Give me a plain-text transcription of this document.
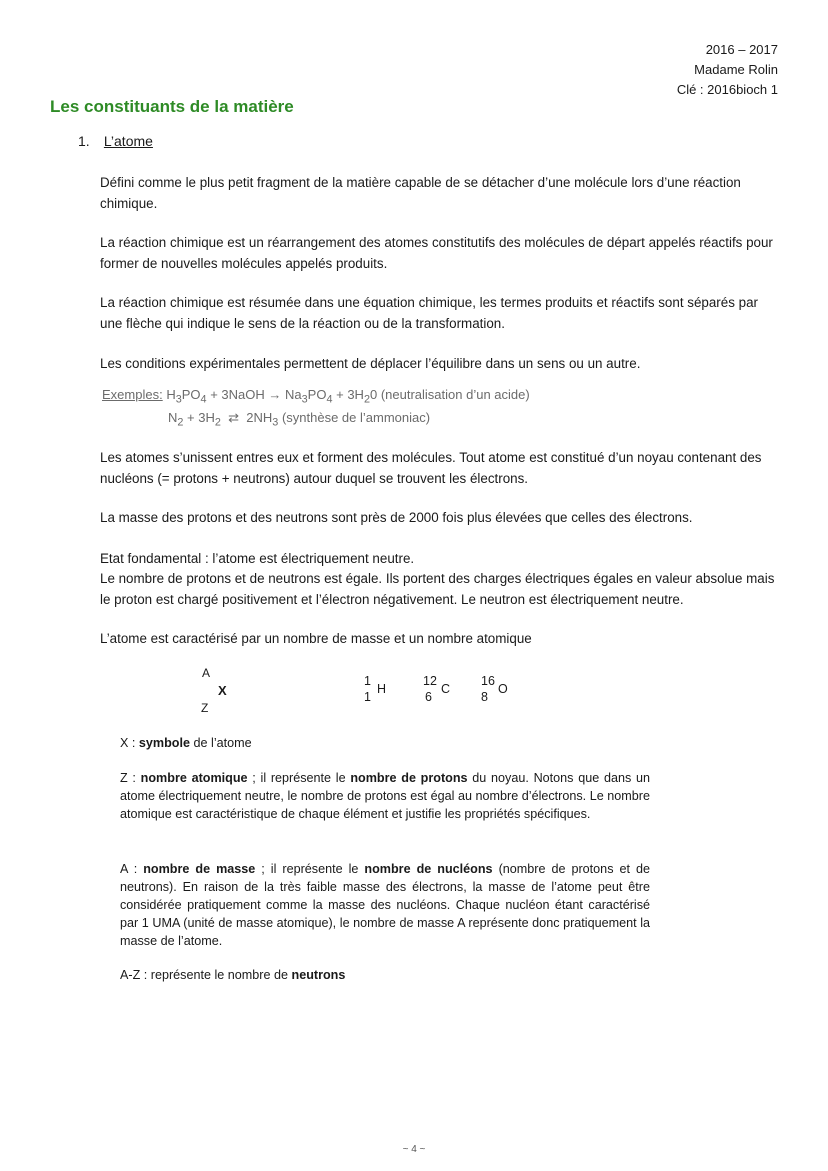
2016 – 2017
Madame Rolin
Clé : 2016bioch 1
Les constituants de la matière
1. L’atome

Défini comme le plus petit fragment de la matière capable de se détacher d’une molécule lors d’une réaction chimique.

La réaction chimique est un réarrangement des atomes constitutifs des molécules de départ appelés réactifs pour former de nouvelles molécules appelés produits.

La réaction chimique est résumée dans une équation chimique, les termes produits et réactifs sont séparés par une flèche qui indique le sens de la réaction ou de la transformation.

Les conditions expérimentales permettent de déplacer l’équilibre dans un sens ou un autre.

Exemples: $H_3PO_4$ + 3NaOH → $Na_3PO_4 + 3H_20$ (neutralisation d’un acide)
$N_2 + 3H_2$ ⇄ $2NH_3$ (synthèse de l’ammoniac)

Les atomes s’unissent entres eux et forment des molécules. Tout atome est constitué d’un noyau contenant des nucléons (= protons + neutrons) autour duquel se trouvent les électrons.

La masse des protons et des neutrons sont près de 2000 fois plus élevées que celles des électrons.

Etat fondamental : l’atome est électriquement neutre.

Le nombre de protons et de neutrons est égale. Ils portent des charges électriques égales en valeur absolue mais le proton est chargé positivement et l’électron négativement. Le neutron est électriquement neutre.

L’atome est caractérisé par un nombre de masse et un nombre atomique

A
X
Z
1
1
H
12
6
C
16
8
O

X : symbole de l’atome

Z : nombre atomique ; il représente le nombre de protons du noyau. Notons que dans un atome électriquement neutre, le nombre de protons est égal au nombre d’électrons. Le nombre atomique est caractéristique de chaque élément et justifie les propriétés spécifiques.

A : nombre de masse ; il représente le nombre de nucléons (nombre de protons et de neutrons). En raison de la très faible masse des électrons, la masse de l’atome peut être considérée pratiquement comme la masse des nucléons. Chaque nucléon étant caractérisé par 1 UMA (unité de masse atomique), le nombre de masse A représente donc pratiquement la masse de l’atome.

A-Z : représente le nombre de neutrons

~ 4 ~
